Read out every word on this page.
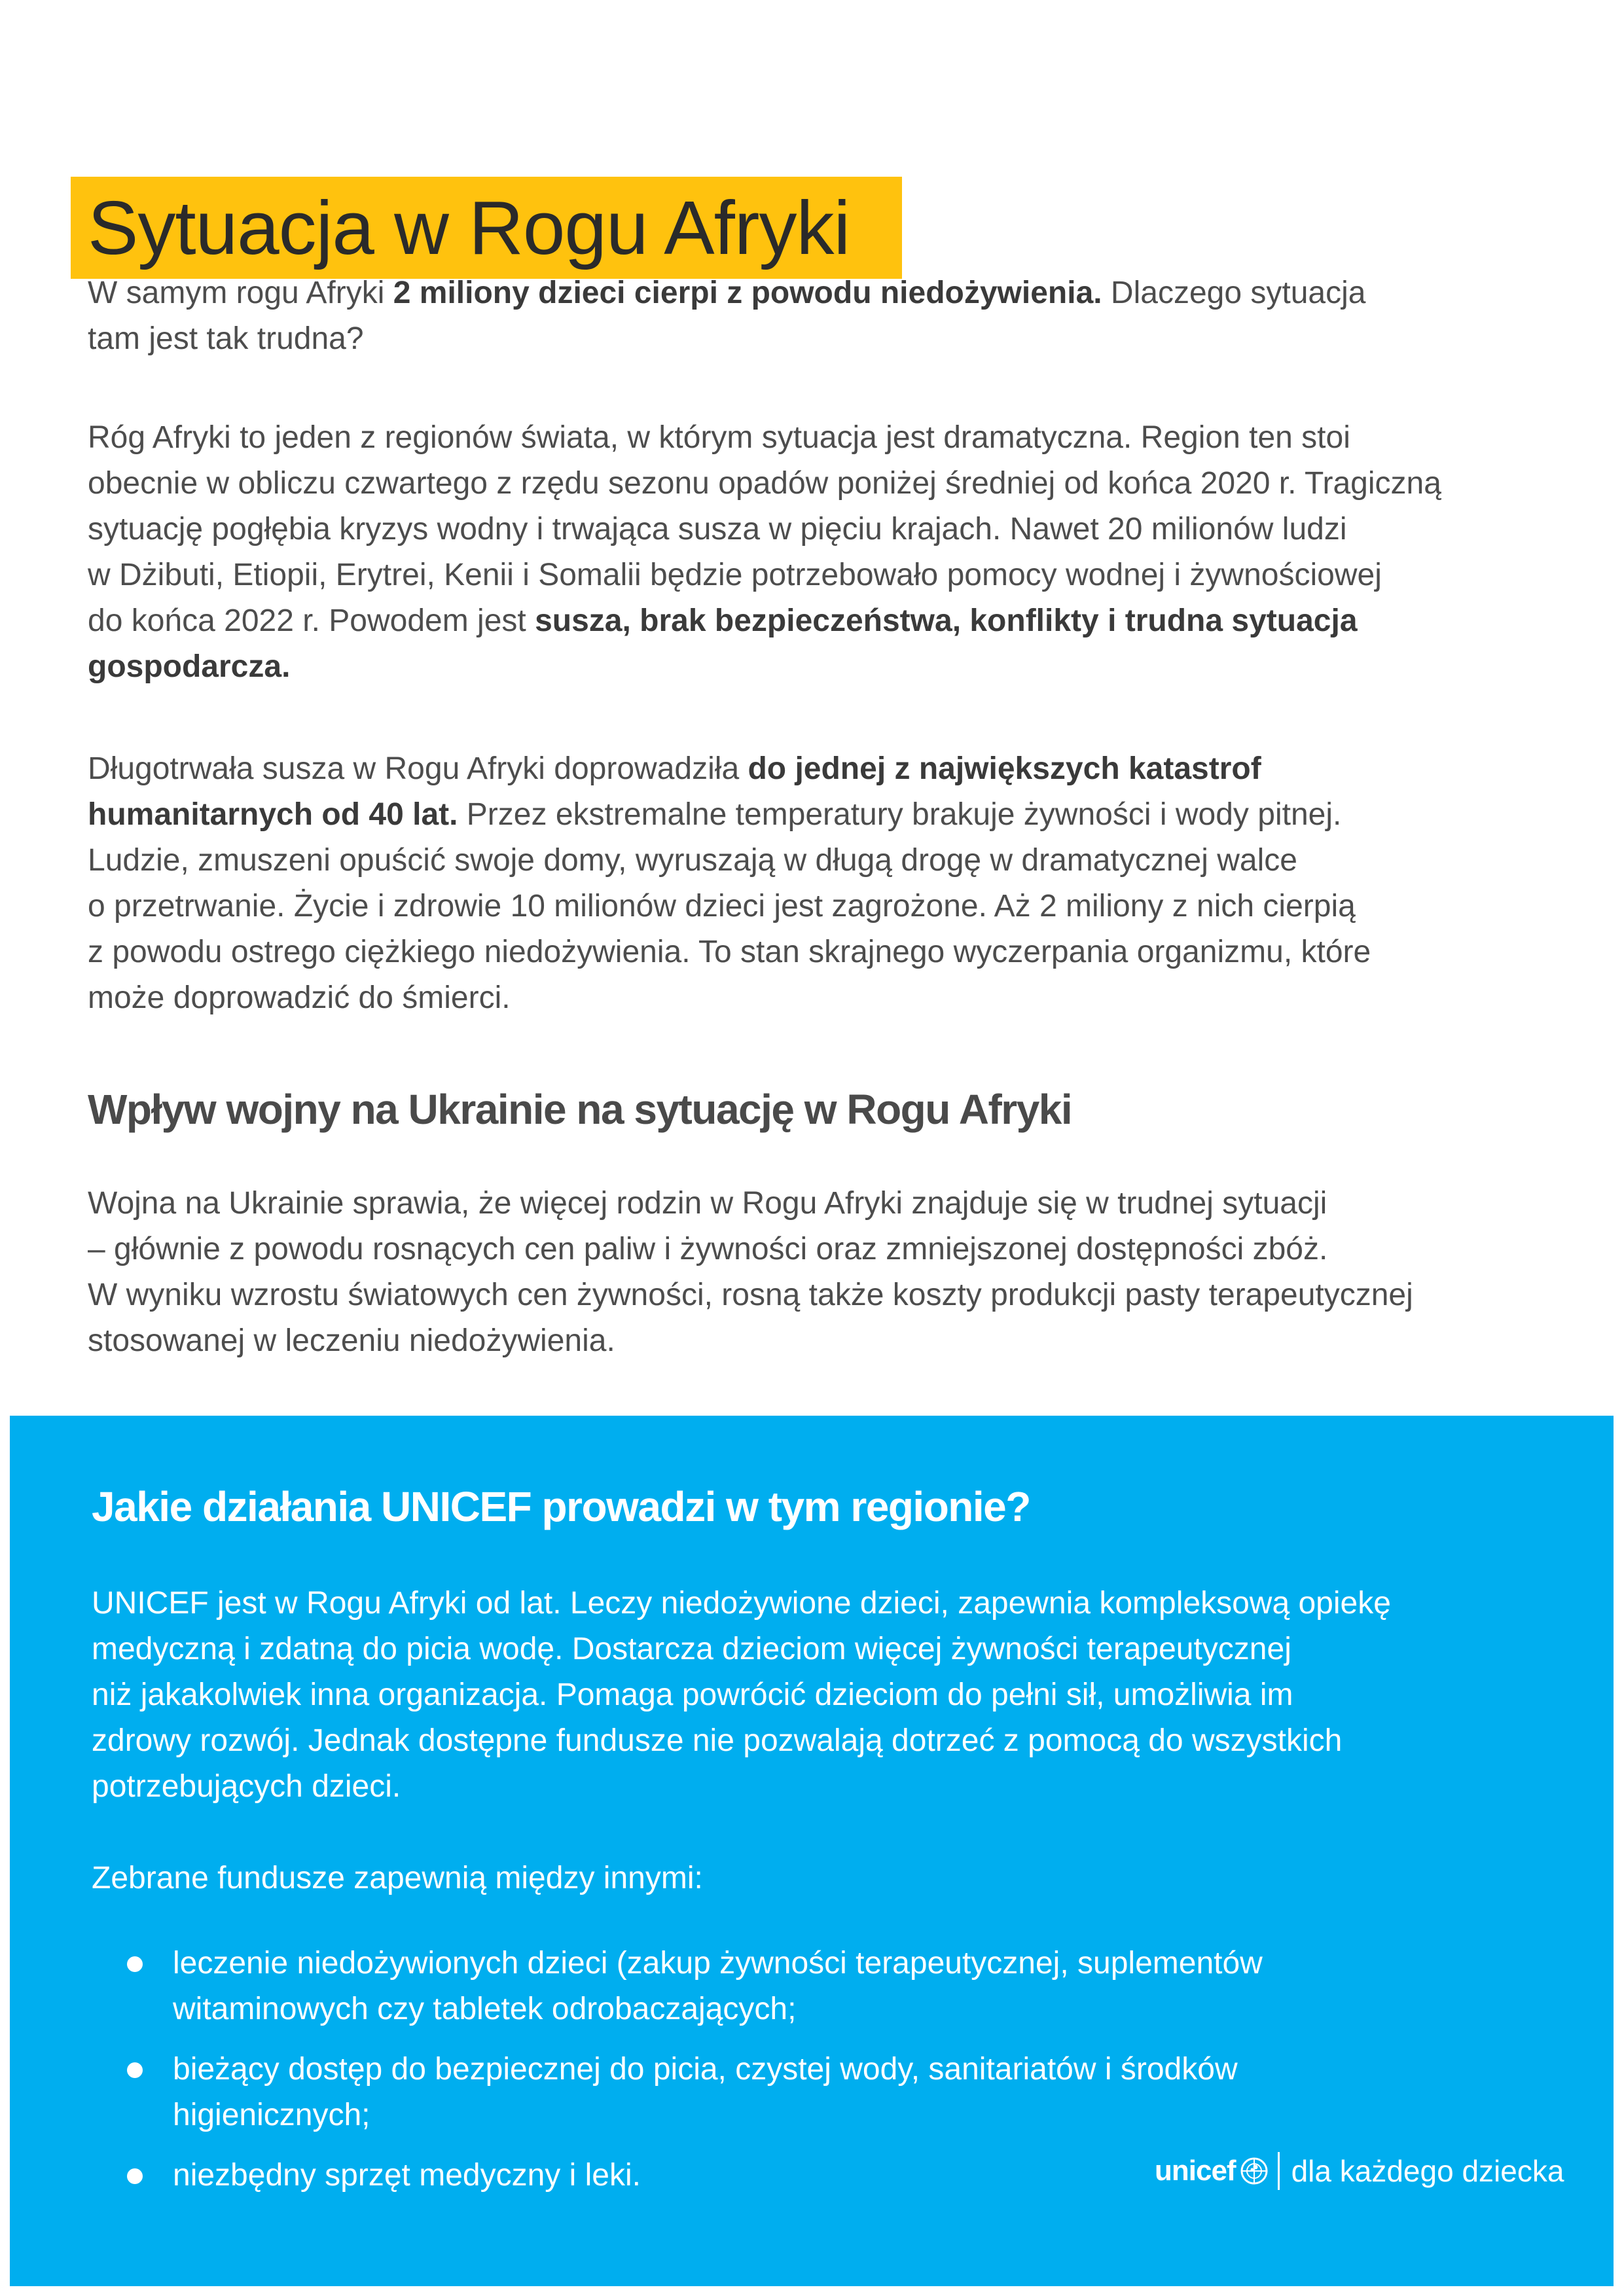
Sytuacja w Rogu Afryki

W samym rogu Afryki 2 miliony dzieci cierpi z powodu niedożywienia. Dlaczego sytuacja
tam jest tak trudna?

Róg Afryki to jeden z regionów świata, w którym sytuacja jest dramatyczna. Region ten stoi
obecnie w obliczu czwartego z rzędu sezonu opadów poniżej średniej od końca 2020 r. Tragiczną
sytuację pogłębia kryzys wodny i trwająca susza w pięciu krajach. Nawet 20 milionów ludzi
w Dżibuti, Etiopii, Erytrei, Kenii i Somalii będzie potrzebowało pomocy wodnej i żywnościowej
do końca 2022 r. Powodem jest susza, brak bezpieczeństwa, konflikty i trudna sytuacja
gospodarcza.

Długotrwała susza w Rogu Afryki doprowadziła do jednej z największych katastrof
humanitarnych od 40 lat. Przez ekstremalne temperatury brakuje żywności i wody pitnej.
Ludzie, zmuszeni opuścić swoje domy, wyruszają w długą drogę w dramatycznej walce
o przetrwanie. Życie i zdrowie 10 milionów dzieci jest zagrożone. Aż 2 miliony z nich cierpią
z powodu ostrego ciężkiego niedożywienia. To stan skrajnego wyczerpania organizmu, które
może doprowadzić do śmierci.

Wpływ wojny na Ukrainie na sytuację w Rogu Afryki

Wojna na Ukrainie sprawia, że więcej rodzin w Rogu Afryki znajduje się w trudnej sytuacji
– głównie z powodu rosnących cen paliw i żywności oraz zmniejszonej dostępności zbóż.
W wyniku wzrostu światowych cen żywności, rosną także koszty produkcji pasty terapeutycznej
stosowanej w leczeniu niedożywienia.

Jakie działania UNICEF prowadzi w tym regionie?

UNICEF jest w Rogu Afryki od lat. Leczy niedożywione dzieci, zapewnia kompleksową opiekę
medyczną i zdatną do picia wodę. Dostarcza dzieciom więcej żywności terapeutycznej
niż jakakolwiek inna organizacja. Pomaga powrócić dzieciom do pełni sił, umożliwia im
zdrowy rozwój. Jednak dostępne fundusze nie pozwalają dotrzeć z pomocą do wszystkich
potrzebujących dzieci.

Zebrane fundusze zapewnią między innymi:

leczenie niedożywionych dzieci (zakup żywności terapeutycznej, suplementów
witaminowych czy tabletek odrobaczających;
bieżący dostęp do bezpiecznej do picia, czystej wody, sanitariatów i środków
higienicznych;
niezbędny sprzęt medyczny i leki.	unicef dla każdego dziecka
